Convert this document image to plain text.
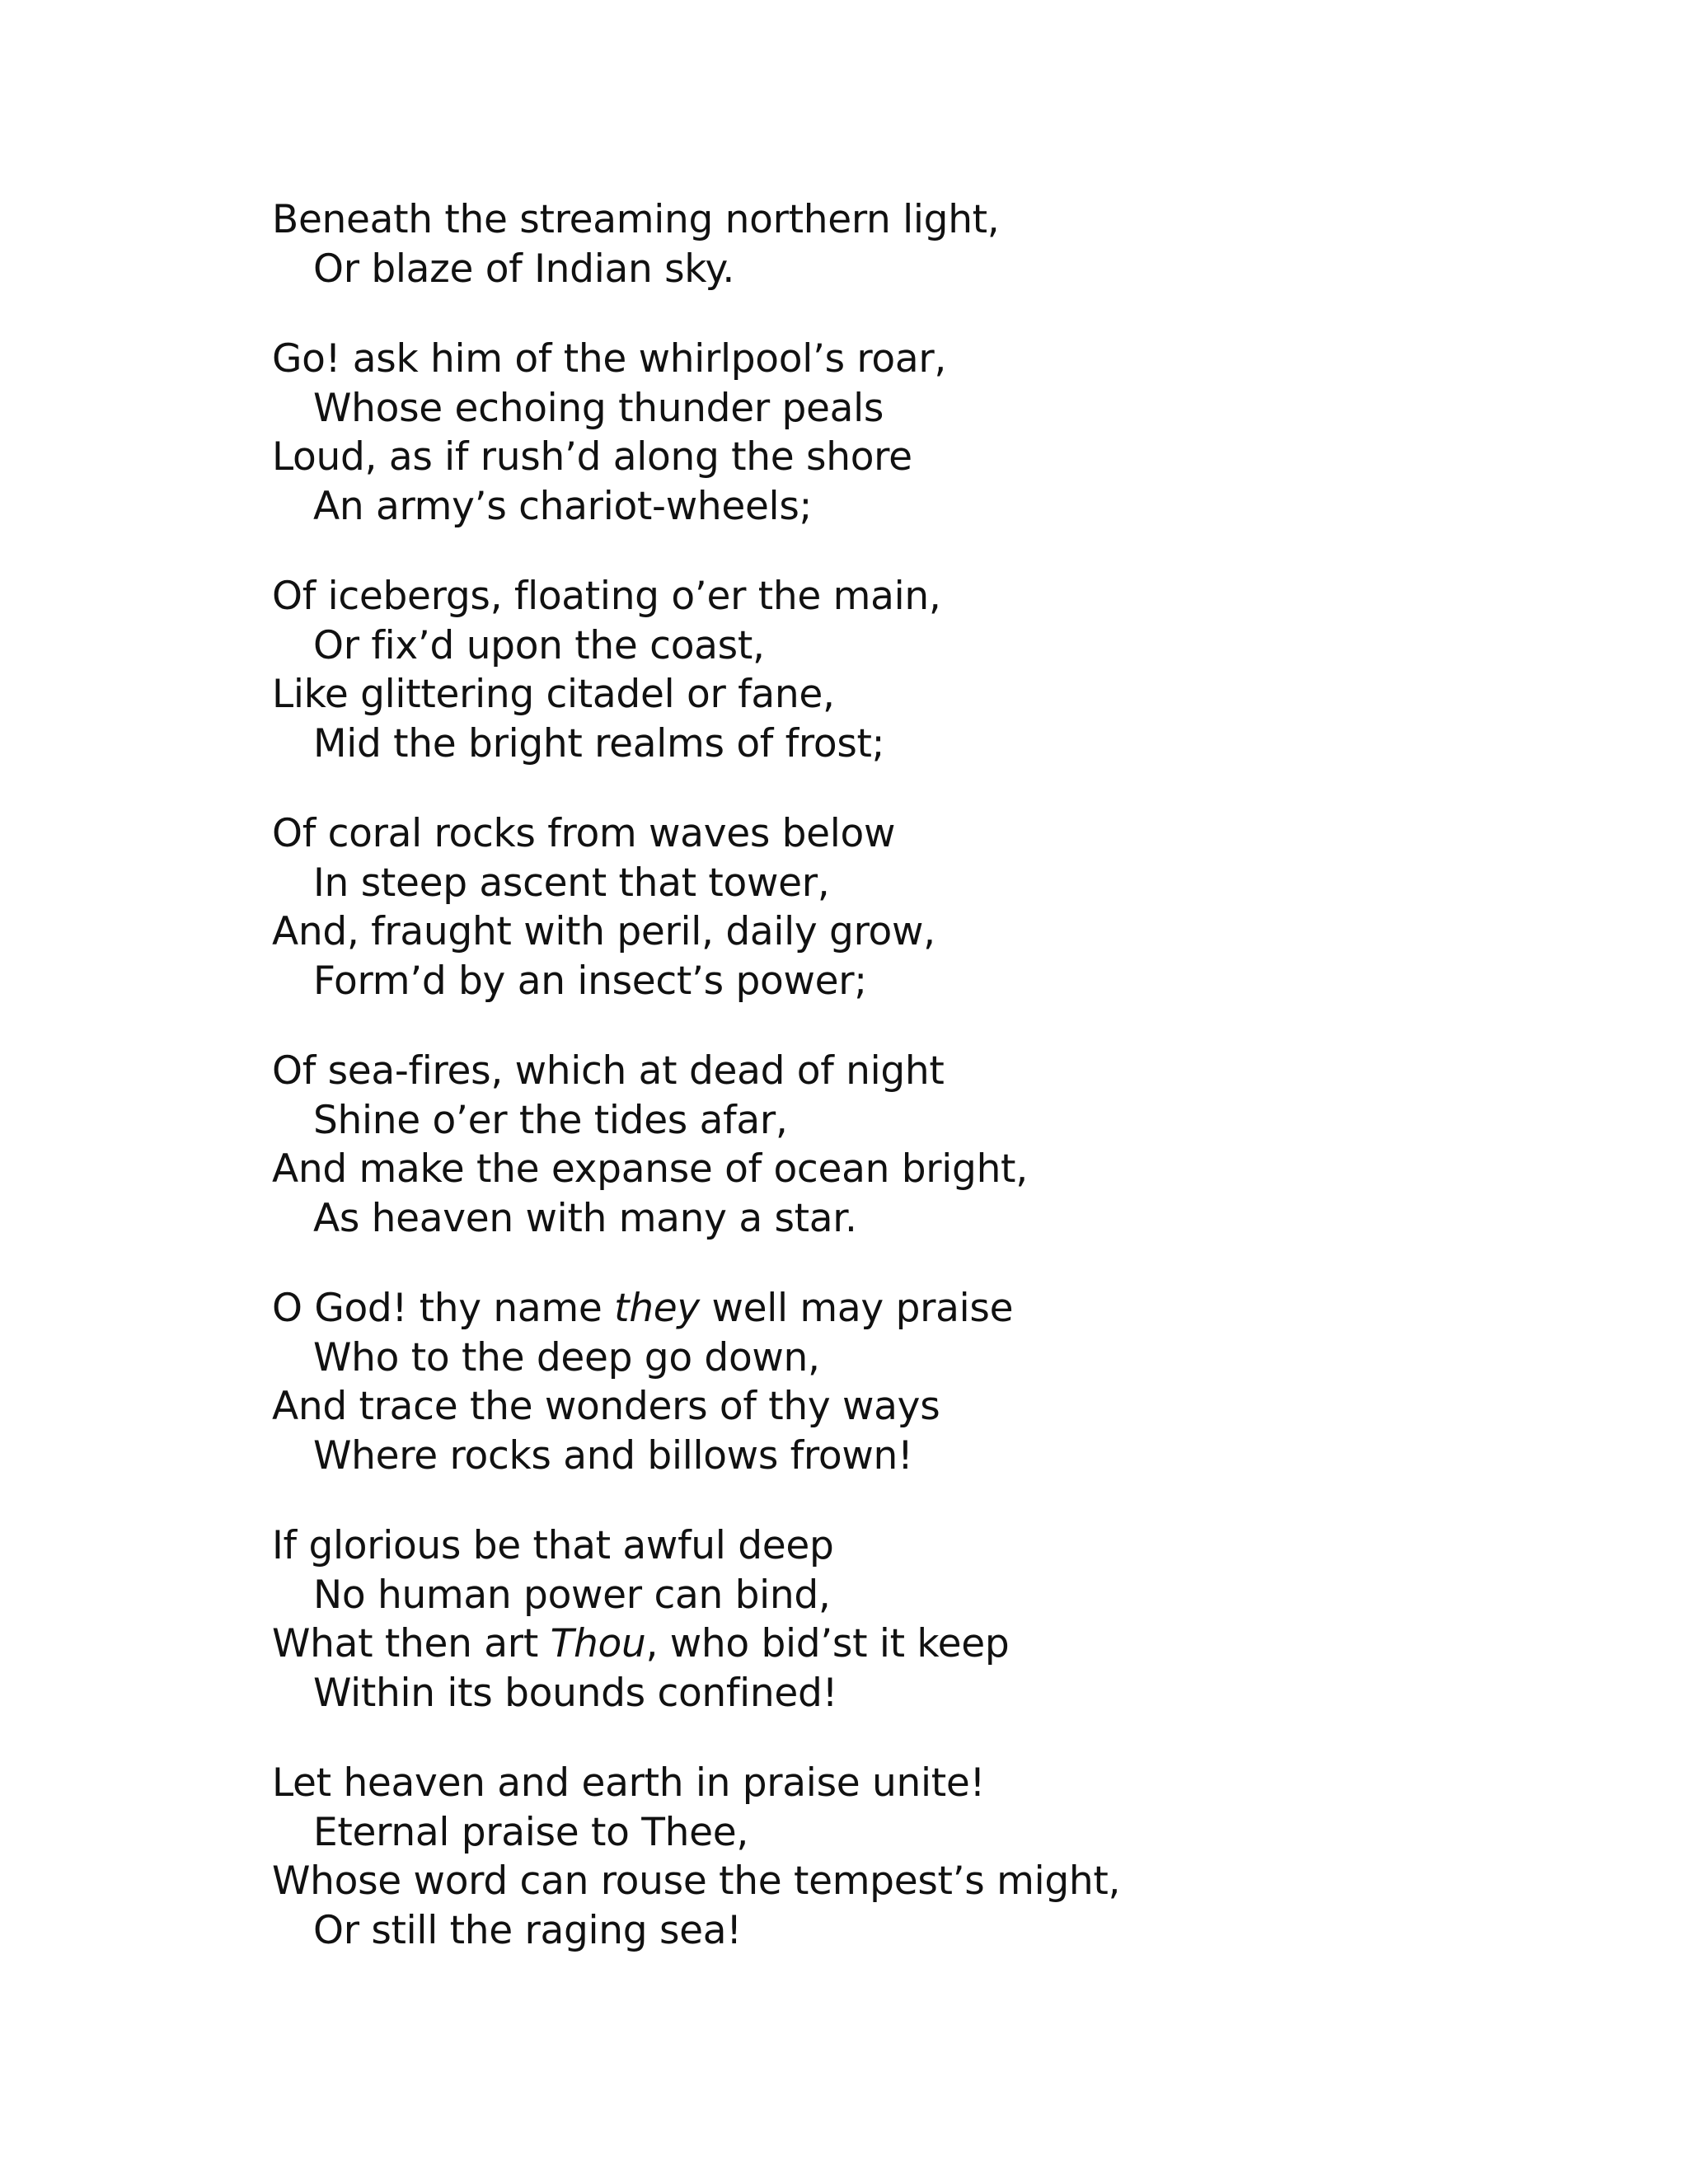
Beneath the streaming northern light,
Or blaze of Indian sky.
Go! ask him of the whirlpool’s roar,
Whose echoing thunder peals
Loud, as if rush’d along the shore
An army’s chariot-wheels;
Of icebergs, floating o’er the main,
Or fix’d upon the coast,
Like glittering citadel or fane,
Mid the bright realms of frost;
Of coral rocks from waves below
In steep ascent that tower,
And, fraught with peril, daily grow,
Form’d by an insect’s power;
Of sea-fires, which at dead of night
Shine o’er the tides afar,
And make the expanse of ocean bright,
As heaven with many a star.
O God! thy name they well may praise
Who to the deep go down,
And trace the wonders of thy ways
Where rocks and billows frown!
If glorious be that awful deep
No human power can bind,
What then art Thou, who bid’st it keep
Within its bounds confined!
Let heaven and earth in praise unite!
Eternal praise to Thee,
Whose word can rouse the tempest’s might,
Or still the raging sea!
